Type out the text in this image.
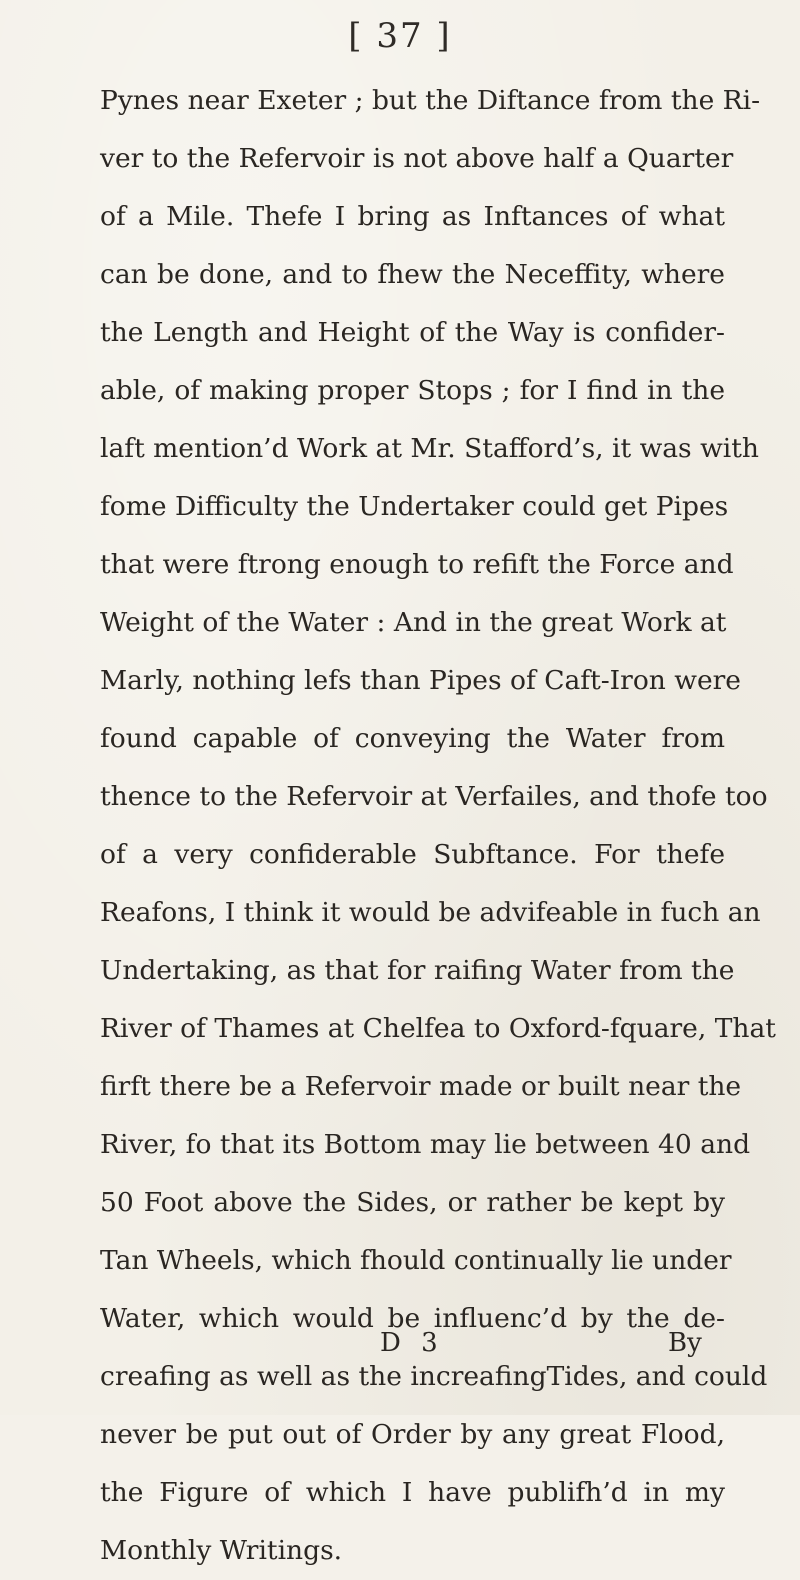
[ 37 ]
Pynes near Exeter ; but the Diftance from the Ri-
ver to the Refervoir is not above half a Quarter
of a Mile. Thefe I bring as Inftances of what
can be done, and to fhew the Neceffity, where
the Length and Height of the Way is confider-
able, of making proper Stops ; for I find in the
laft mention’d Work at Mr. Stafford’s, it was with
fome Difficulty the Undertaker could get Pipes
that were ftrong enough to refift the Force and
Weight of the Water : And in the great Work at
Marly, nothing lefs than Pipes of Caft-Iron were
found capable of conveying the Water from
thence to the Refervoir at Verfailes, and thofe too
of a very confiderable Subftance. For thefe
Reafons, I think it would be advifeable in fuch an
Undertaking, as that for raifing Water from the
River of Thames at Chelfea to Oxford-fquare, That
firft there be a Refervoir made or built near the
River, fo that its Bottom may lie between 40 and
50 Foot above the Sides, or rather be kept by
Tan Wheels, which fhould continually lie under
Water, which would be influenc’d by the de-
creafing as well as the increafingTides, and could
never be put out of Order by any great Flood,
the Figure of which I have publifh’d in my
Monthly Writings.
D 3	By
